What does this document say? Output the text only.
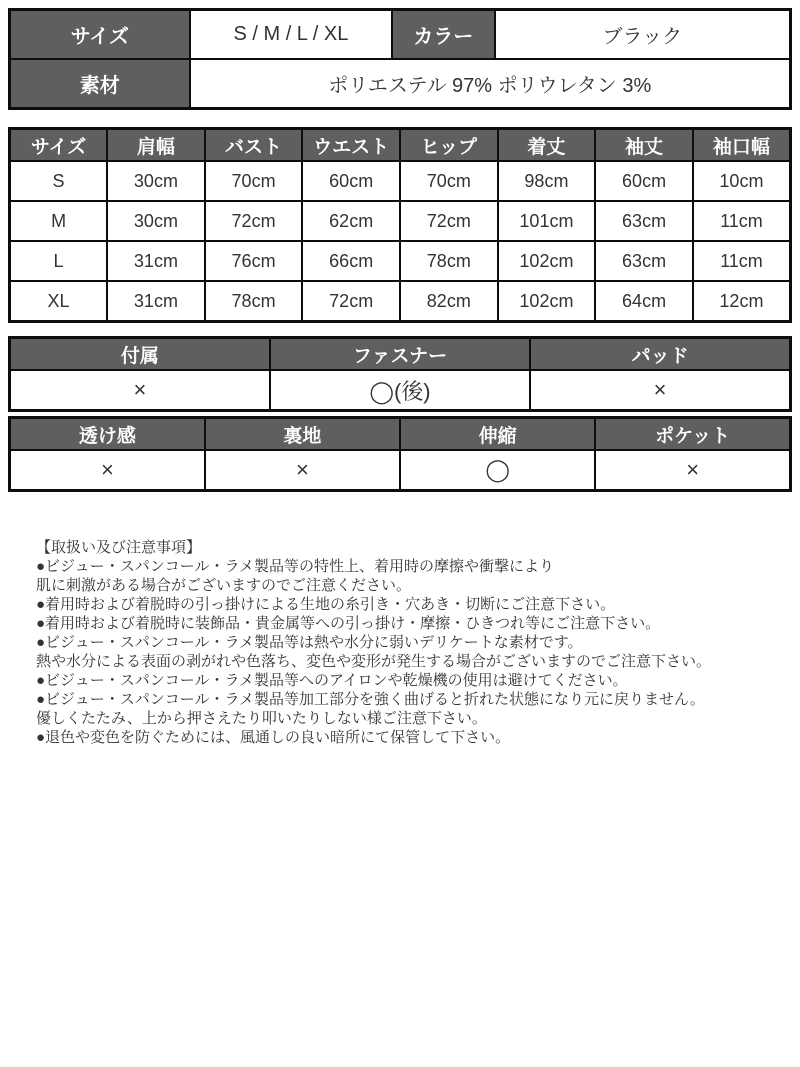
サイズ	S / M / L / XL	カラー	ブラック
素材	ポリエステル 97% ポリウレタン 3%		
サイズ	肩幅	バスト	ウエスト	ヒップ	着丈	袖丈	袖口幅
S	30cm	70cm	60cm	70cm	98cm	60cm	10cm
M	30cm	72cm	62cm	72cm	101cm	63cm	11cm
L	31cm	76cm	66cm	78cm	102cm	63cm	11cm
XL	31cm	78cm	72cm	82cm	102cm	64cm	12cm
付属	ファスナー	パッド
×	◯(後)	×
透け感	裏地	伸縮	ポケット
×	×	◯	×
【取扱い及び注意事項】
●ビジュー・スパンコール・ラメ製品等の特性上、着用時の摩擦や衝撃により
肌に刺激がある場合がございますのでご注意ください。
●着用時および着脱時の引っ掛けによる生地の糸引き・穴あき・切断にご注意下さい。
●着用時および着脱時に装飾品・貴金属等への引っ掛け・摩擦・ひきつれ等にご注意下さい。
●ビジュー・スパンコール・ラメ製品等は熱や水分に弱いデリケートな素材です。
熱や水分による表面の剥がれや色落ち、変色や変形が発生する場合がございますのでご注意下さい。
●ビジュー・スパンコール・ラメ製品等へのアイロンや乾燥機の使用は避けてください。
●ビジュー・スパンコール・ラメ製品等加工部分を強く曲げると折れた状態になり元に戻りません。
優しくたたみ、上から押さえたり叩いたりしない様ご注意下さい。
●退色や変色を防ぐためには、風通しの良い暗所にて保管して下さい。
